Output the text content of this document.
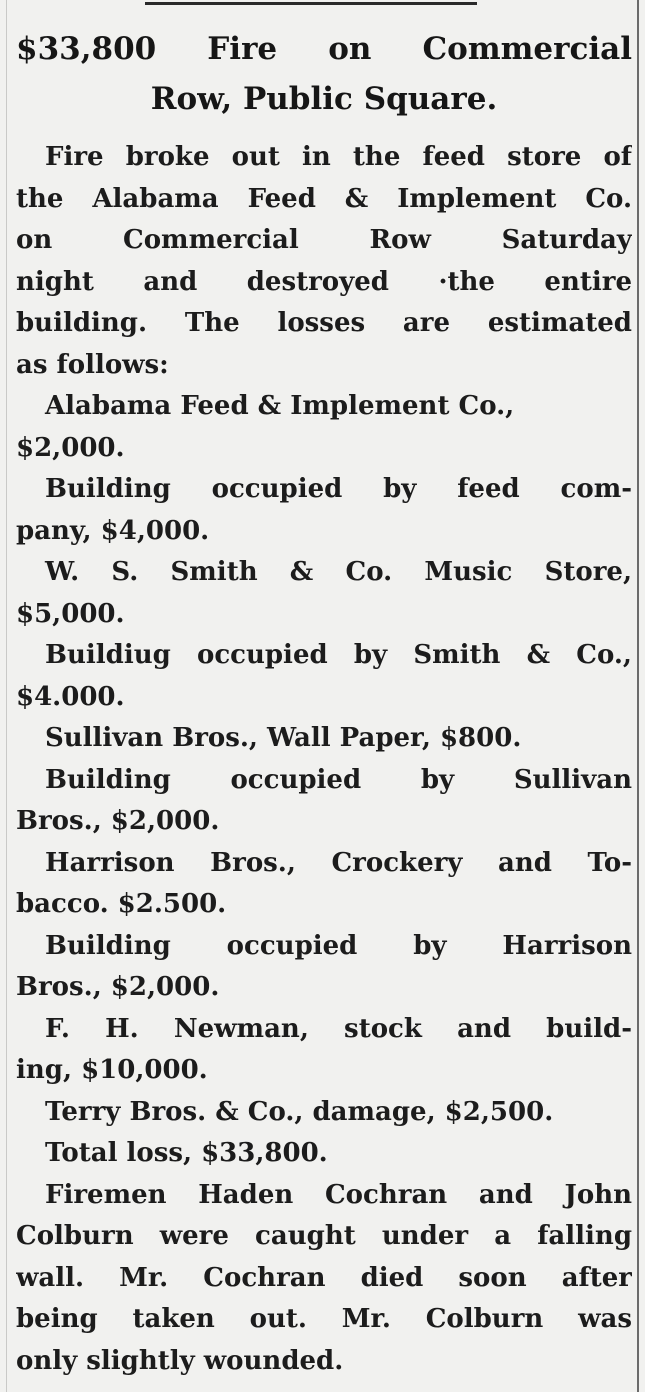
$33,800 Fire on Commercial
Row, Public Square.
Fire broke out in the feed store of
the Alabama Feed & Implement Co.
on Commercial Row Saturday
night and destroyed ·the entire
building. The losses are estimated
as follows:
Alabama Feed & Implement Co.,
$2,000.
Building occupied by feed com-
pany, $4,000.
W. S. Smith & Co. Music Store,
$5,000.
Buildiug occupied by Smith & Co.,
$4.000.
Sullivan Bros., Wall Paper, $800.
Building occupied by Sullivan
Bros., $2,000.
Harrison Bros., Crockery and To-
bacco. $2.500.
Building occupied by Harrison
Bros., $2,000.
F. H. Newman, stock and build-
ing, $10,000.
Terry Bros. & Co., damage, $2,500.
Total loss, $33,800.
Firemen Haden Cochran and John
Colburn were caught under a falling
wall. Mr. Cochran died soon after
being taken out. Mr. Colburn was
only slightly wounded.
